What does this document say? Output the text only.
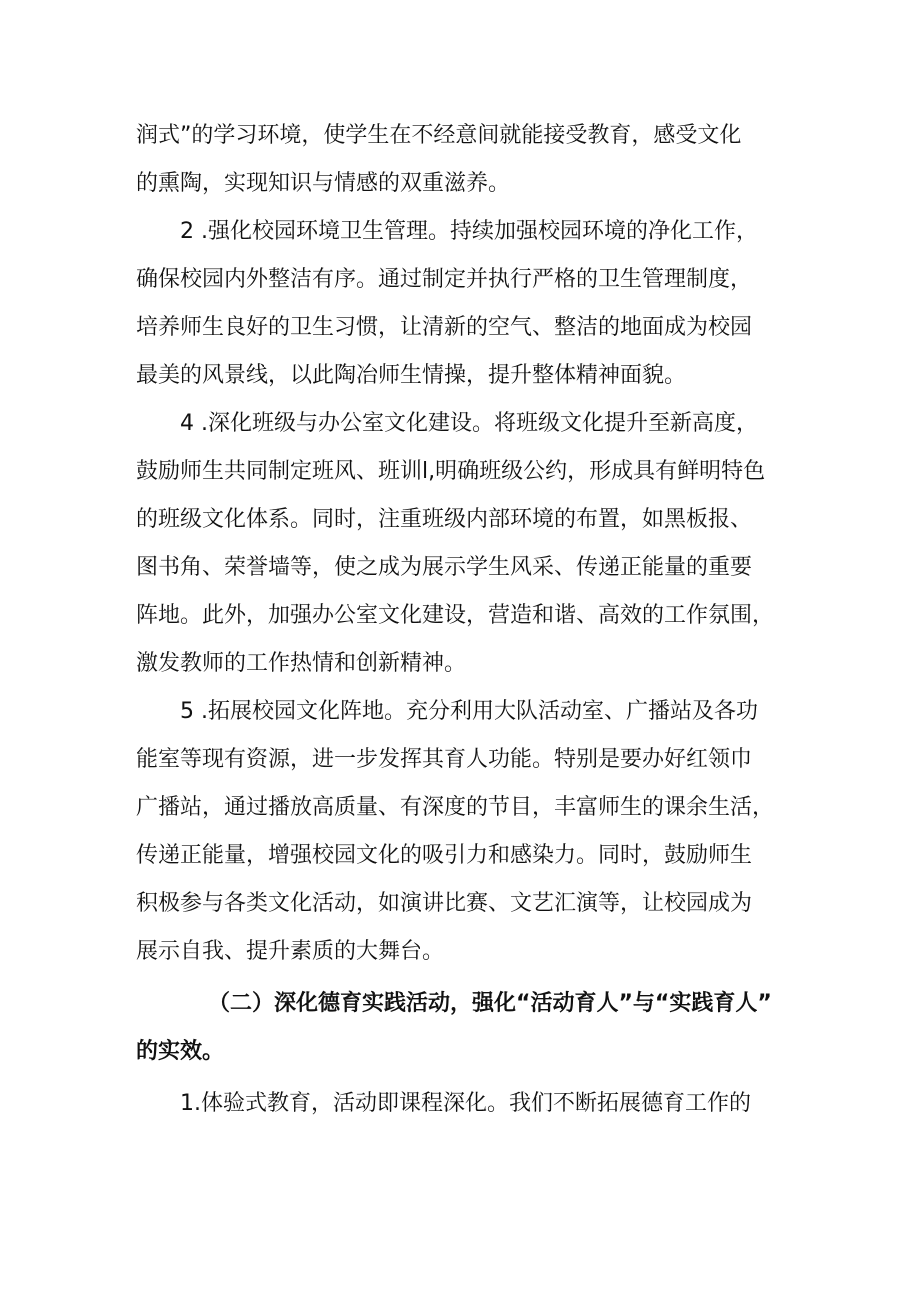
润式”的学习环境，使学生在不经意间就能接受教育，感受文化
的熏陶，实现知识与情感的双重滋养。
2 .强化校园环境卫生管理。持续加强校园环境的净化工作，
确保校园内外整洁有序。通过制定并执行严格的卫生管理制度，
培养师生良好的卫生习惯，让清新的空气、整洁的地面成为校园
最美的风景线，以此陶冶师生情操，提升整体精神面貌。
4 .深化班级与办公室文化建设。将班级文化提升至新高度，
鼓励师生共同制定班风、班训l,明确班级公约，形成具有鲜明特色
的班级文化体系。同时，注重班级内部环境的布置，如黑板报、
图书角、荣誉墙等，使之成为展示学生风采、传递正能量的重要
阵地。此外，加强办公室文化建设，营造和谐、高效的工作氛围，
激发教师的工作热情和创新精神。
5 .拓展校园文化阵地。充分利用大队活动室、广播站及各功
能室等现有资源，进一步发挥其育人功能。特别是要办好红领巾
广播站，通过播放高质量、有深度的节目，丰富师生的课余生活，
传递正能量，增强校园文化的吸引力和感染力。同时，鼓励师生
积极参与各类文化活动，如演讲比赛、文艺汇演等，让校园成为
展示自我、提升素质的大舞台。
（二）深化德育实践活动，强化“活动育人”与“实践育人”
的实效。
1.体验式教育，活动即课程深化。我们不断拓展德育工作的
